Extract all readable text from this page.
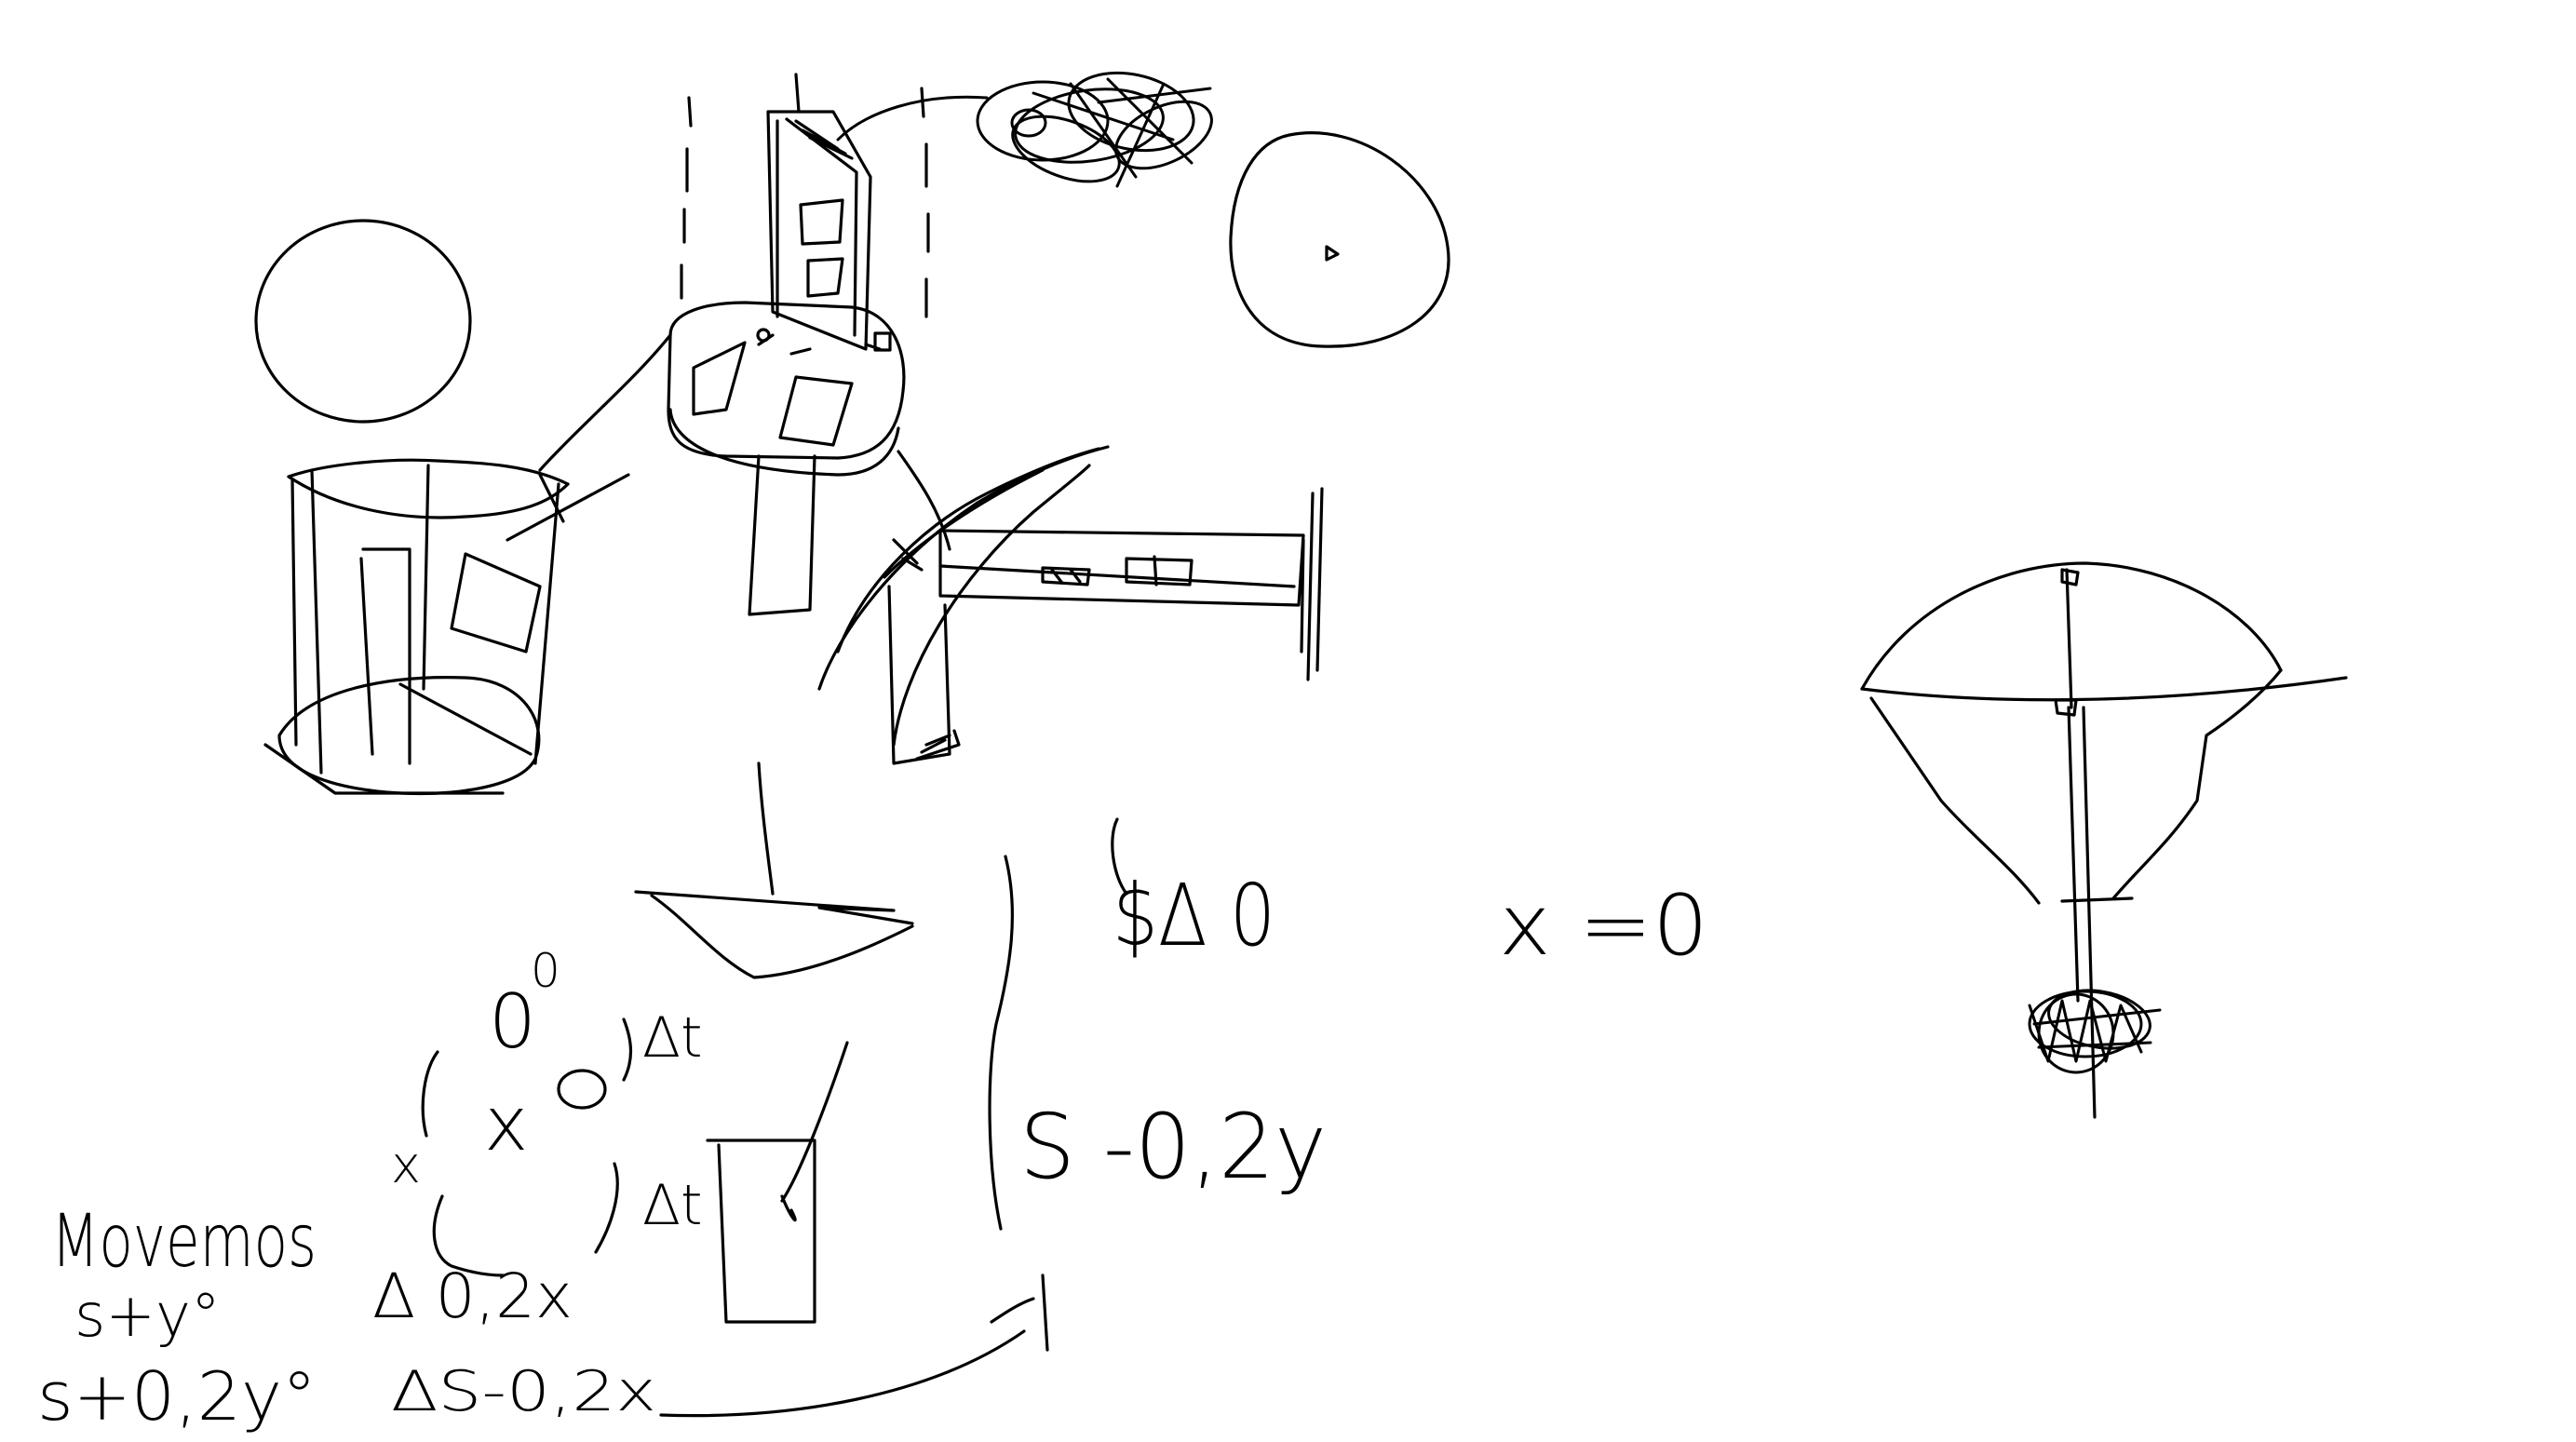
Movemos
s+y°
s+0,2y°
Δ 0,2x
ΔS-0,2x
S -0,2y
$Δ 0	x =0
Δt
Δt
x x
0
0
